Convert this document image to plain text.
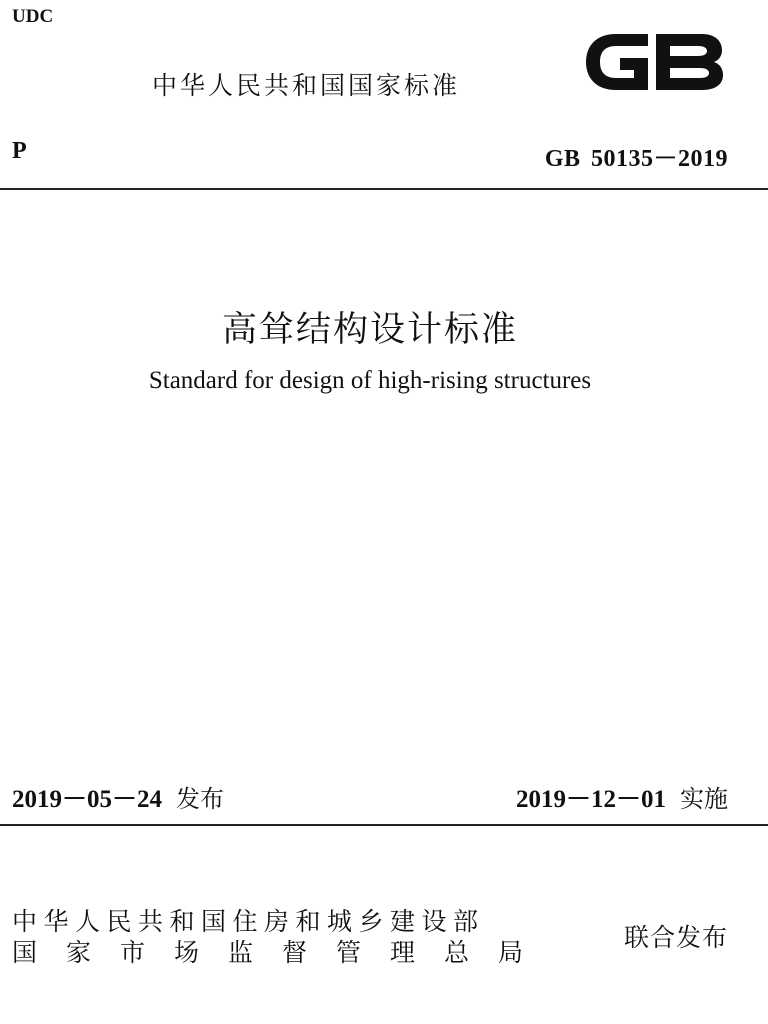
UDC
中华人民共和国国家标准
P	GB 50135－2019
高耸结构设计标准
Standard for design of high-rising structures
2019－05－24 发布	2019－12－01 实施
中华人民共和国住房和城乡建设部
国家市场监督管理总局
联合发布
